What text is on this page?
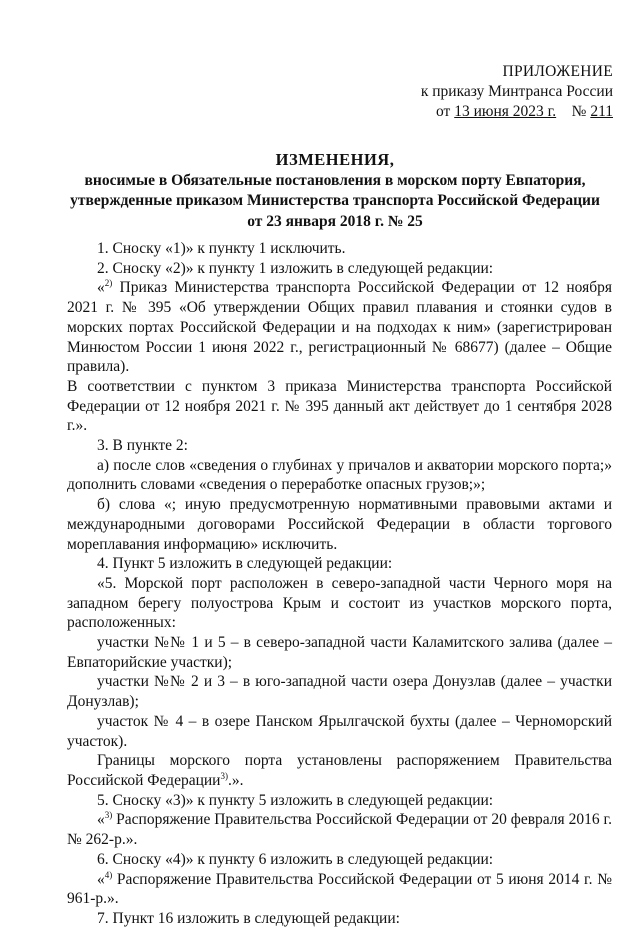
ПРИЛОЖЕНИЕ
к приказу Минтранса России
от 13 июня 2023 г. № 211
ИЗМЕНЕНИЯ,
вносимые в Обязательные постановления в морском порту Евпатория,
утвержденные приказом Министерства транспорта Российской Федерации
от 23 января 2018 г. № 25

1. Сноску «1)» к пункту 1 исключить.

2. Сноску «2)» к пункту 1 изложить в следующей редакции:

«$^{2)}$ Приказ Министерства транспорта Российской Федерации от 12 ноября 2021 г. № 395 «Об утверждении Общих правил плавания и стоянки судов в морских портах Российской Федерации и на подходах к ним» (зарегистрирован Минюстом России 1 июня 2022 г., регистрационный № 68677) (далее – Общие правила).

В соответствии с пунктом 3 приказа Министерства транспорта Российской Федерации от 12 ноября 2021 г. № 395 данный акт действует до 1 сентября 2028 г.».

3. В пункте 2:

а) после слов «сведения о глубинах у причалов и акватории морского порта;» дополнить словами «сведения о переработке опасных грузов;»;

б) слова «; иную предусмотренную нормативными правовыми актами и международными договорами Российской Федерации в области торгового мореплавания информацию» исключить.

4. Пункт 5 изложить в следующей редакции:

«5. Морской порт расположен в северо-западной части Черного моря на западном берегу полуострова Крым и состоит из участков морского порта, расположенных:

участки №№ 1 и 5 – в северо-западной части Каламитского залива (далее – Евпаторийские участки);

участки №№ 2 и 3 – в юго-западной части озера Донузлав (далее – участки Донузлав);

участок № 4 – в озере Панском Ярылгачской бухты (далее – Черноморский участок).

Границы морского порта установлены распоряжением Правительства Российской Федерации$^{3)}$.».

5. Сноску «3)» к пункту 5 изложить в следующей редакции:

«$^{3)}$ Распоряжение Правительства Российской Федерации от 20 февраля 2016 г. № 262-р.».

6. Сноску «4)» к пункту 6 изложить в следующей редакции:

«$^{4)}$ Распоряжение Правительства Российской Федерации от 5 июня 2014 г. № 961-р.».

7. Пункт 16 изложить в следующей редакции:
